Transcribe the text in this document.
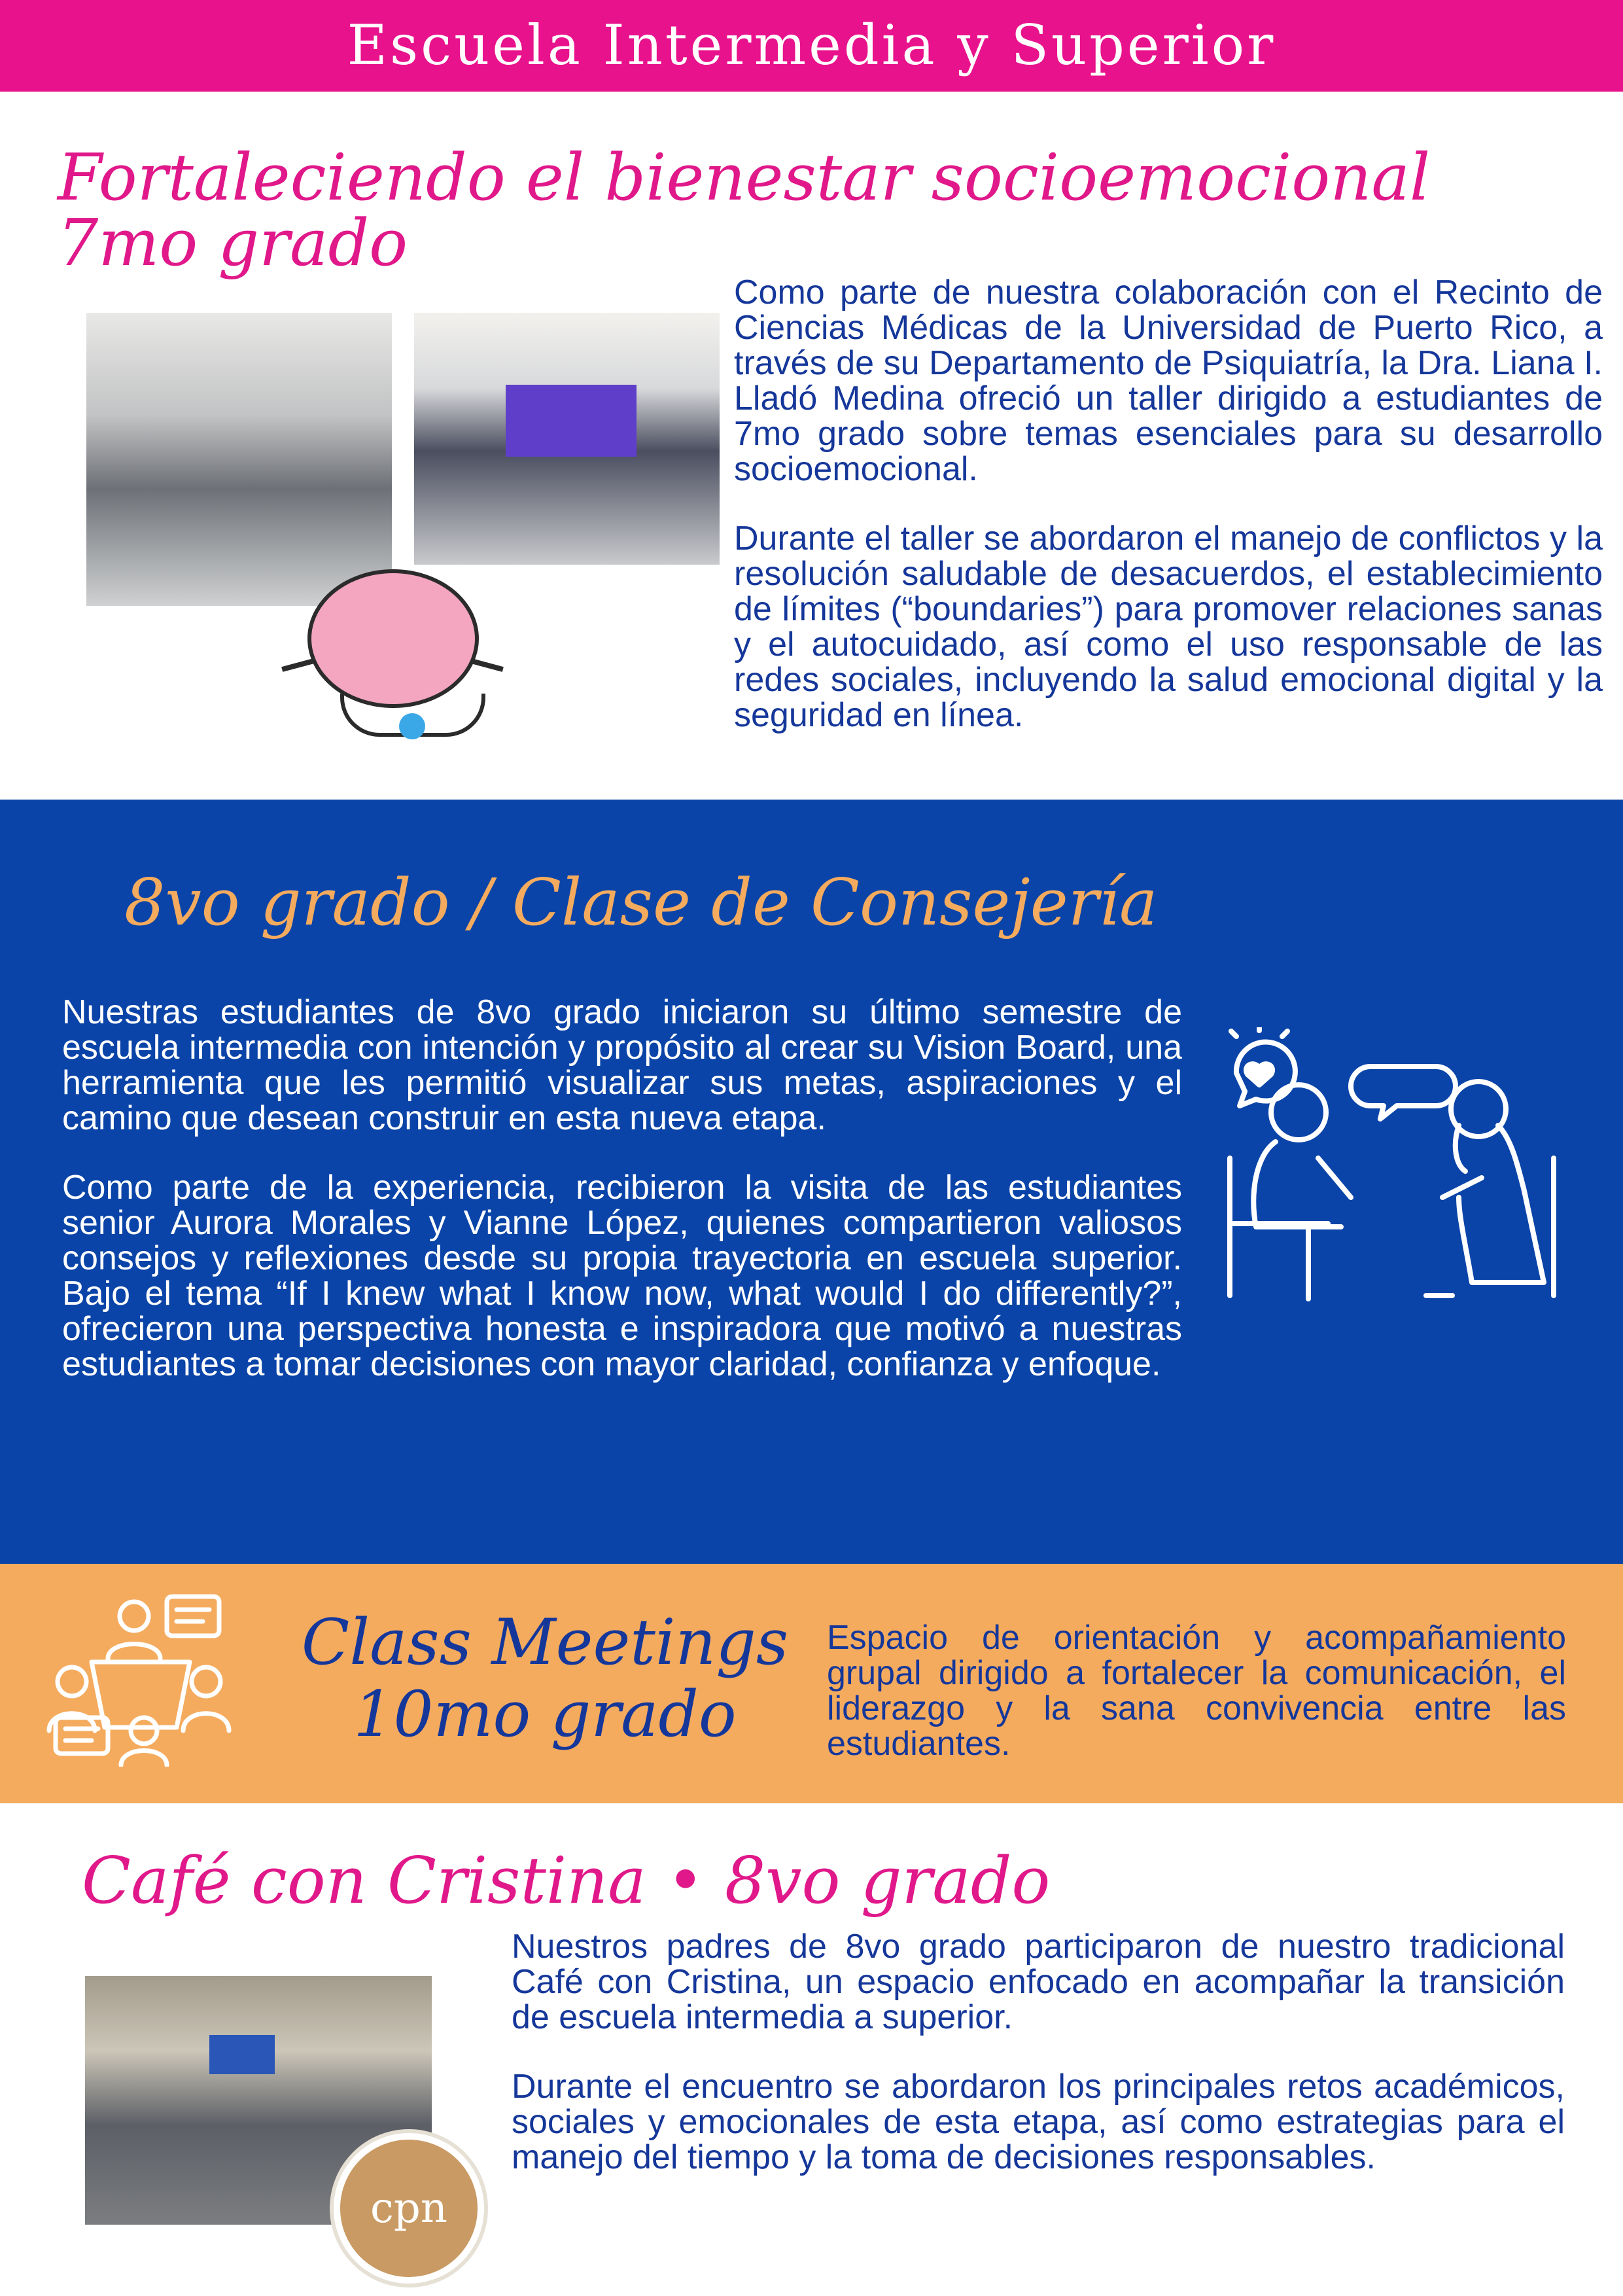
Escuela Intermedia y Superior
Fortaleciendo el bienestar socioemocional
7mo grado

Como parte de nuestra colaboración con el Recinto de Ciencias Médicas de la Universidad de Puerto Rico, a través de su Departamento de Psiquiatría, la Dra. Liana I. Lladó Medina ofreció un taller dirigido a estudiantes de 7mo grado sobre temas esenciales para su desarrollo socioemocional.

Durante el taller se abordaron el manejo de conflictos y la resolución saludable de desacuerdos, el establecimiento de límites (“boundaries”) para promover relaciones sanas y el autocuidado, así como el uso responsable de las redes sociales, incluyendo la salud emocional digital y la seguridad en línea.

8vo grado / Clase de Consejería

Nuestras estudiantes de 8vo grado iniciaron su último semestre de escuela intermedia con intención y propósito al crear su Vision Board, una herramienta que les permitió visualizar sus metas, aspiraciones y el camino que desean construir en esta nueva etapa.

Como parte de la experiencia, recibieron la visita de las estudiantes senior Aurora Morales y Vianne López, quienes compartieron valiosos consejos y reflexiones desde su propia trayectoria en escuela superior. Bajo el tema “If I knew what I know now, what would I do differently?”, ofrecieron una perspectiva honesta e inspiradora que motivó a nuestras estudiantes a tomar decisiones con mayor claridad, confianza y enfoque.

Class Meetings
10mo grado
Espacio de orientación y acompañamiento grupal dirigido a fortalecer la comunicación, el liderazgo y la sana convivencia entre las estudiantes.
Café con Cristina • 8vo grado
cpn

Nuestros padres de 8vo grado participaron de nuestro tradicional Café con Cristina, un espacio enfocado en acompañar la transición de escuela intermedia a superior.

Durante el encuentro se abordaron los principales retos académicos, sociales y emocionales de esta etapa, así como estrategias para el manejo del tiempo y la toma de decisiones responsables.
